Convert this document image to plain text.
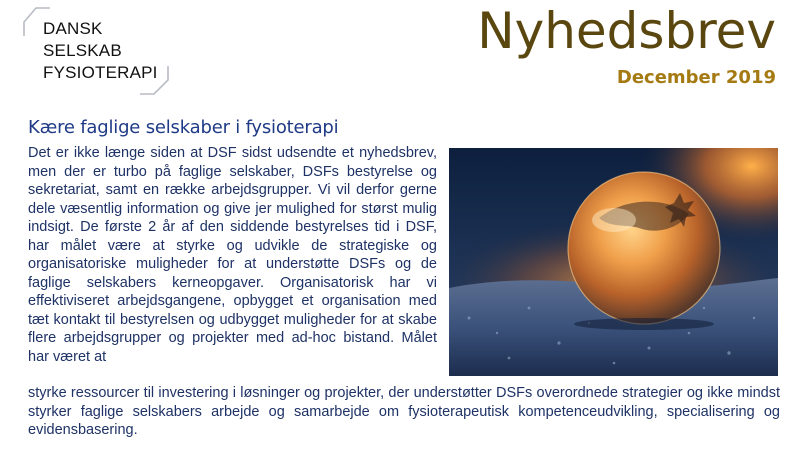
DANSK
SELSKAB
FYSIOTERAPI
Nyhedsbrev
December 2019
Kære faglige selskaber i fysioterapi

Det er ikke længe siden at DSF sidst udsendte et nyhedsbrev, men der er turbo på faglige selskaber, DSFs bestyrelse og sekretariat, samt en række arbejdsgrupper. Vi vil derfor gerne dele væsentlig information og give jer mulighed for størst mulig indsigt. De første 2 år af den siddende bestyrelses tid i DSF, har målet være at styrke og udvikle de strategiske og organisatoriske muligheder for at understøtte DSFs og de faglige selskabers kerneopgaver. Organisatorisk har vi effektiviseret arbejdsgangene, opbygget et organisation med tæt kontakt til bestyrelsen og udbygget muligheder for at skabe flere arbejdsgrupper og projekter med ad-hoc bistand. Målet har været at

styrke ressourcer til investering i løsninger og projekter, der understøtter DSFs overordnede strategier og ikke mindst styrker faglige selskabers arbejde og samarbejde om fysioterapeutisk kompetenceudvikling, specialisering og evidensbasering.
